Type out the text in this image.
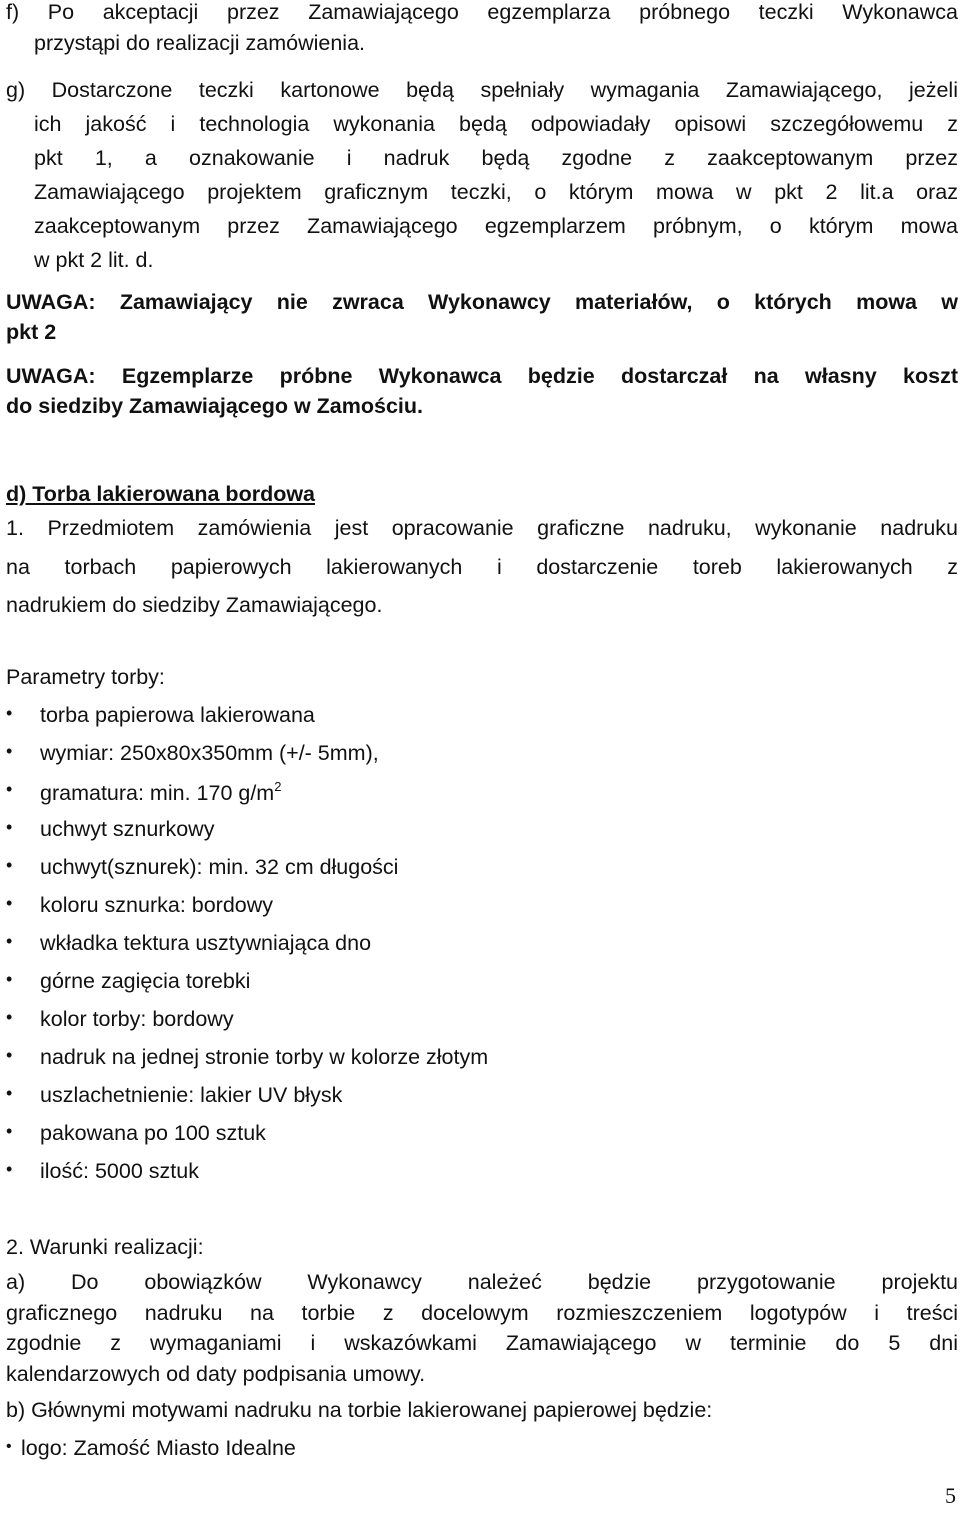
f) Po akceptacji przez Zamawiającego egzemplarza próbnego teczki Wykonawca
przystąpi do realizacji zamówienia.
g) Dostarczone teczki kartonowe będą spełniały wymagania Zamawiającego, jeżeli
ich jakość i technologia wykonania będą odpowiadały opisowi szczegółowemu z
pkt 1, a oznakowanie i nadruk będą zgodne z zaakceptowanym przez
Zamawiającego projektem graficznym teczki, o którym mowa w pkt 2 lit.a oraz
zaakceptowanym przez Zamawiającego egzemplarzem próbnym, o którym mowa
w pkt 2 lit. d.
UWAGA: Zamawiający nie zwraca Wykonawcy materiałów, o których mowa w
pkt 2
UWAGA: Egzemplarze próbne Wykonawca będzie dostarczał na własny koszt
do siedziby Zamawiającego w Zamościu.
d) Torba lakierowana bordowa
1. Przedmiotem zamówienia jest opracowanie graficzne nadruku, wykonanie nadruku
na torbach papierowych lakierowanych i dostarczenie toreb lakierowanych z
nadrukiem do siedziby Zamawiającego.
Parametry torby:
• torba papierowa lakierowana
• wymiar: 250x80x350mm (+/- 5mm),
• gramatura: min. 170 $g/m^2$
• uchwyt sznurkowy
• uchwyt(sznurek): min. 32 cm długości
• koloru sznurka: bordowy
• wkładka tektura usztywniająca dno
• górne zagięcia torebki
• kolor torby: bordowy
• nadruk na jednej stronie torby w kolorze złotym
• uszlachetnienie: lakier UV błysk
• pakowana po 100 sztuk
• ilość: 5000 sztuk
2. Warunki realizacji:
a) Do obowiązków Wykonawcy należeć będzie przygotowanie projektu
graficznego nadruku na torbie z docelowym rozmieszczeniem logotypów i treści
zgodnie z wymaganiami i wskazówkami Zamawiającego w terminie do 5 dni
kalendarzowych od daty podpisania umowy.
b) Głównymi motywami nadruku na torbie lakierowanej papierowej będzie:
• logo: Zamość Miasto Idealne
5
